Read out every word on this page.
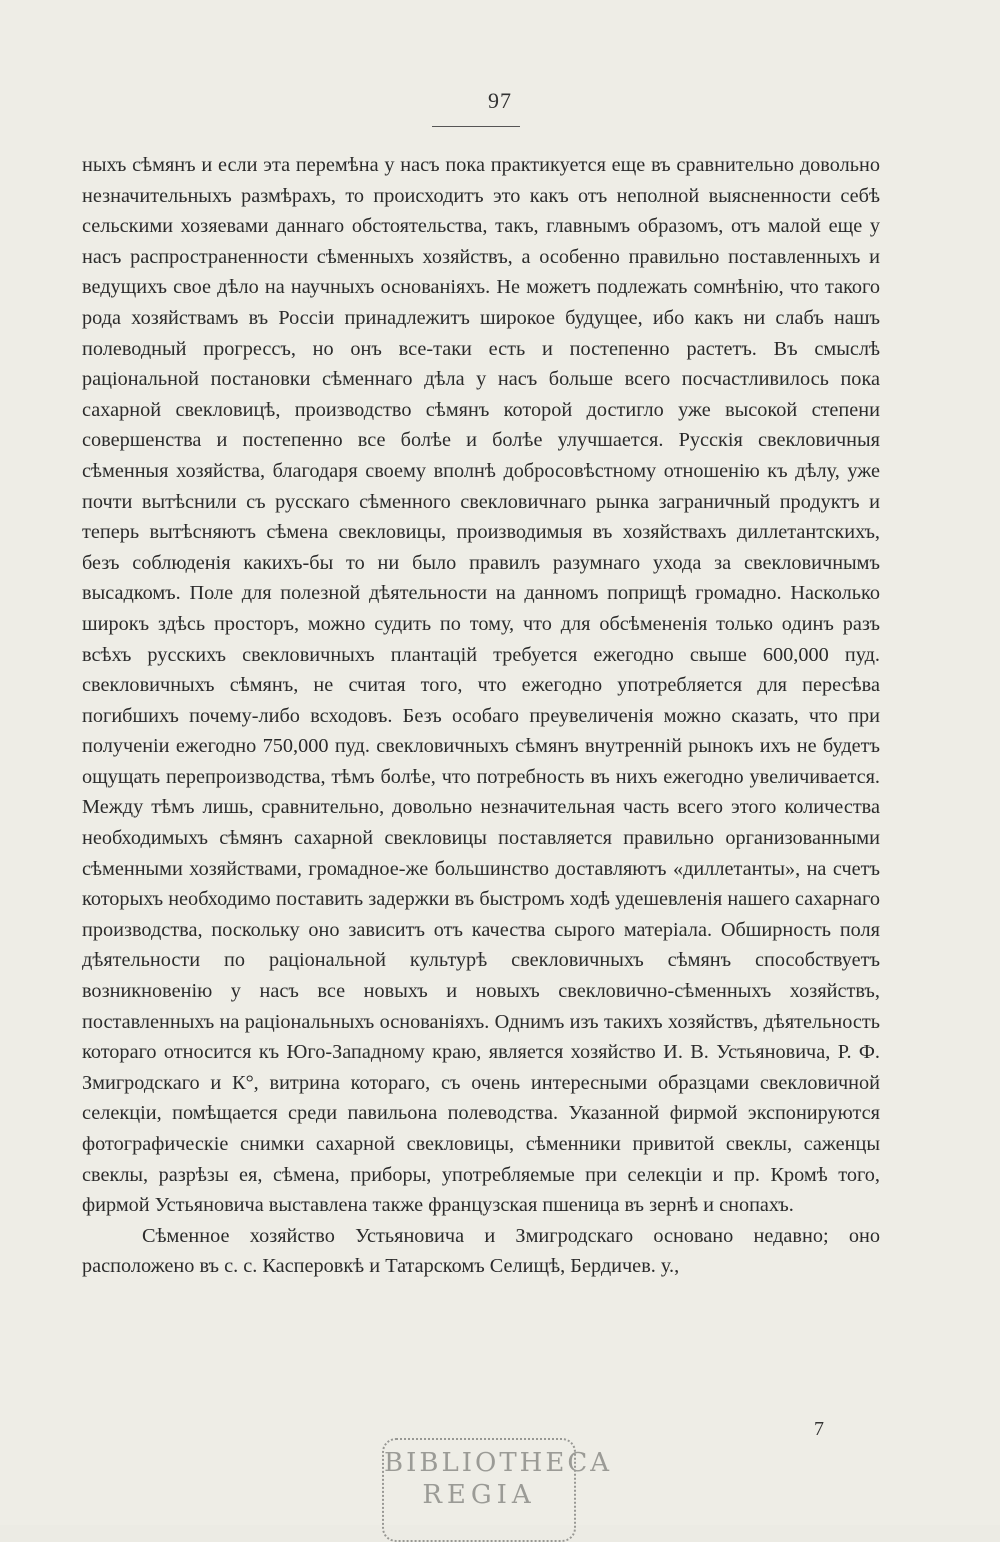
97

ныхъ сѣмянъ и если эта перемѣна у насъ пока практикуется еще въ сравнительно довольно незначительныхъ размѣрахъ, то происходитъ это какъ отъ неполной выясненности себѣ сельскими хозяевами даннаго обстоятельства, такъ, главнымъ образомъ, отъ малой еще у насъ распространенности сѣменныхъ хозяйствъ, а особенно правильно поставленныхъ и ведущихъ свое дѣло на научныхъ основаніяхъ. Не можетъ подлежать сомнѣнію, что такого рода хозяйствамъ въ Россіи принадлежитъ широкое будущее, ибо какъ ни слабъ нашъ полеводный прогрессъ, но онъ все-таки есть и постепенно растетъ. Въ смыслѣ раціональной постановки сѣменнаго дѣла у насъ больше всего посчастливилось пока сахарной свекловицѣ, производство сѣмянъ которой достигло уже высокой степени совершенства и постепенно все болѣе и болѣе улучшается. Русскія свекловичныя сѣменныя хозяйства, благодаря своему вполнѣ добросовѣстному отношенію къ дѣлу, уже почти вытѣснили съ русскаго сѣменного свекловичнаго рынка заграничный продуктъ и теперь вытѣсняютъ сѣмена свекловицы, производимыя въ хозяйствахъ диллетантскихъ, безъ соблюденія какихъ-бы то ни было правилъ разумнаго ухода за свекловичнымъ высадкомъ. Поле для полезной дѣятельности на данномъ поприщѣ громадно. Насколько широкъ здѣсь просторъ, можно судить по тому, что для обсѣмененія только одинъ разъ всѣхъ русскихъ свекловичныхъ плантацій требуется ежегодно свыше 600,000 пуд. свекловичныхъ сѣмянъ, не считая того, что ежегодно употребляется для пересѣва погибшихъ почему-либо всходовъ. Безъ особаго преувеличенія можно сказать, что при полученіи ежегодно 750,000 пуд. свекловичныхъ сѣмянъ внутренній рынокъ ихъ не будетъ ощущать перепроизводства, тѣмъ болѣе, что потребность въ нихъ ежегодно увеличивается. Между тѣмъ лишь, сравнительно, довольно незначительная часть всего этого количества необходимыхъ сѣмянъ сахарной свекловицы поставляется правильно организованными сѣменными хозяйствами, громадное-же большинство доставляютъ «диллетанты», на счетъ которыхъ необходимо поставить задержки въ быстромъ ходѣ удешевленія нашего сахарнаго производства, поскольку оно зависитъ отъ качества сырого матеріала. Обширность поля дѣятельности по раціональной культурѣ свекловичныхъ сѣмянъ способствуетъ возникновенію у насъ все новыхъ и новыхъ свекловично-сѣменныхъ хозяйствъ, поставленныхъ на раціональныхъ основаніяхъ. Однимъ изъ такихъ хозяйствъ, дѣятельность котораго относится къ Юго-Западному краю, является хозяйство И. В. Устьяновича, Р. Ф. Змигродскаго и К°, витрина котораго, съ очень интересными образцами свекловичной селекціи, помѣщается среди павильона полеводства. Указанной фирмой экспонируются фотографическіе снимки сахарной свекловицы, сѣменники привитой свеклы, саженцы свеклы, разрѣзы ея, сѣмена, приборы, употребляемые при селекціи и пр. Кромѣ того, фирмой Устьяновича выставлена также французская пшеница въ зернѣ и снопахъ.

Сѣменное хозяйство Устьяновича и Змигродскаго основано недавно; оно расположено въ с. с. Касперовкѣ и Татарскомъ Селищѣ, Бердичев. у.,

7
BIBLIOTHECA
REGIA
